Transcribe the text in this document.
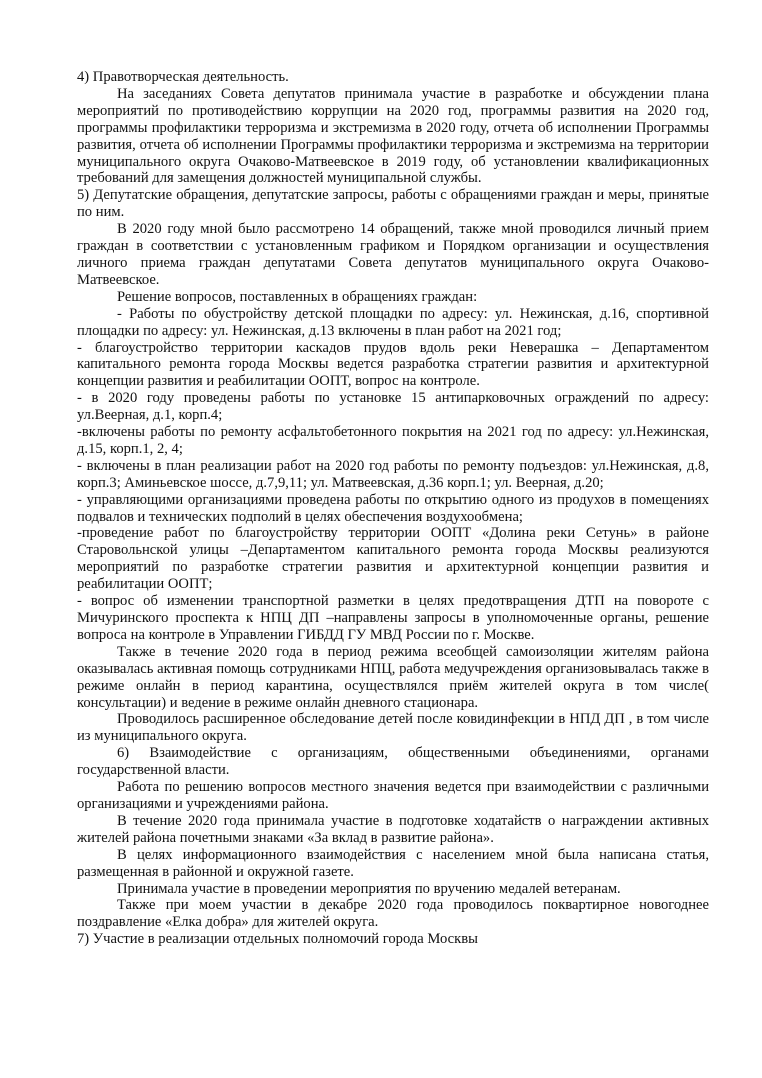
4) Правотворческая деятельность.

На заседаниях Совета депутатов принимала участие в разработке и обсуждении плана мероприятий по противодействию коррупции на 2020 год, программы развития на 2020 год, программы профилактики терроризма и экстремизма в 2020 году, отчета об исполнении Программы развития, отчета об исполнении Программы профилактики терроризма и экстремизма на территории муниципального округа Очаково-Матвеевское в 2019 году, об установлении квалификационных требований для замещения должностей муниципальной службы.

5) Депутатские обращения, депутатские запросы, работы с обращениями граждан и меры, принятые по ним.

В 2020 году мной было рассмотрено 14 обращений, также мной проводился личный прием граждан в соответствии с установленным графиком и Порядком организации и осуществления личного приема граждан депутатами Совета депутатов муниципального округа Очаково-Матвеевское.

Решение вопросов, поставленных в обращениях граждан:

- Работы по обустройству детской площадки по адресу: ул. Нежинская, д.16, спортивной площадки по адресу: ул. Нежинская, д.13 включены в план работ на 2021 год;

- благоустройство территории каскадов прудов вдоль реки Неверашка – Департаментом капитального ремонта города Москвы ведется разработка стратегии развития и архитектурной концепции развития и реабилитации ООПТ, вопрос на контроле.

- в 2020 году проведены работы по установке 15 антипарковочных ограждений по адресу: ул.Веерная, д.1, корп.4;

-включены работы по ремонту асфальтобетонного покрытия на 2021 год по адресу: ул.Нежинская, д.15, корп.1, 2, 4;

- включены в план реализации работ на 2020 год работы по ремонту подъездов: ул.Нежинская, д.8, корп.3; Аминьевское шоссе, д.7,9,11; ул. Матвеевская, д.36 корп.1; ул. Веерная, д.20;

- управляющими организациями проведена работы по открытию одного из продухов в помещениях подвалов и технических подполий в целях обеспечения воздухообмена;

-проведение работ по благоустройству территории ООПТ «Долина реки Сетунь» в районе Старовольнской улицы –Департаментом капитального ремонта города Москвы реализуются мероприятий по разработке стратегии развития и архитектурной концепции развития и реабилитации ООПТ;

- вопрос об изменении транспортной разметки в целях предотвращения ДТП на повороте с Мичуринского проспекта к НПЦ ДП –направлены запросы в уполномоченные органы, решение вопроса на контроле в Управлении ГИБДД ГУ МВД России по г. Москве.

Также в течение 2020 года в период режима всеобщей самоизоляции жителям района оказывалась активная помощь сотрудниками НПЦ, работа медучреждения организовывалась также в режиме онлайн в период карантина, осуществлялся приём жителей округа в том числе( консультации) и ведение в режиме онлайн дневного стационара.

Проводилось расширенное обследование детей после ковидинфекции в НПД ДП , в том числе из муниципального округа.

6) Взаимодействие с организациям, общественными объединениями, органами государственной власти.

Работа по решению вопросов местного значения ведется при взаимодействии с различными организациями и учреждениями района.

В течение 2020 года принимала участие в подготовке ходатайств о награждении активных жителей района почетными знаками «За вклад в развитие района».

В целях информационного взаимодействия с населением мной была написана статья, размещенная в районной и окружной газете.

Принимала участие в проведении мероприятия по вручению медалей ветеранам.

Также при моем участии в декабре 2020 года проводилось поквартирное новогоднее поздравление «Елка добра» для жителей округа.

7) Участие в реализации отдельных полномочий города Москвы
